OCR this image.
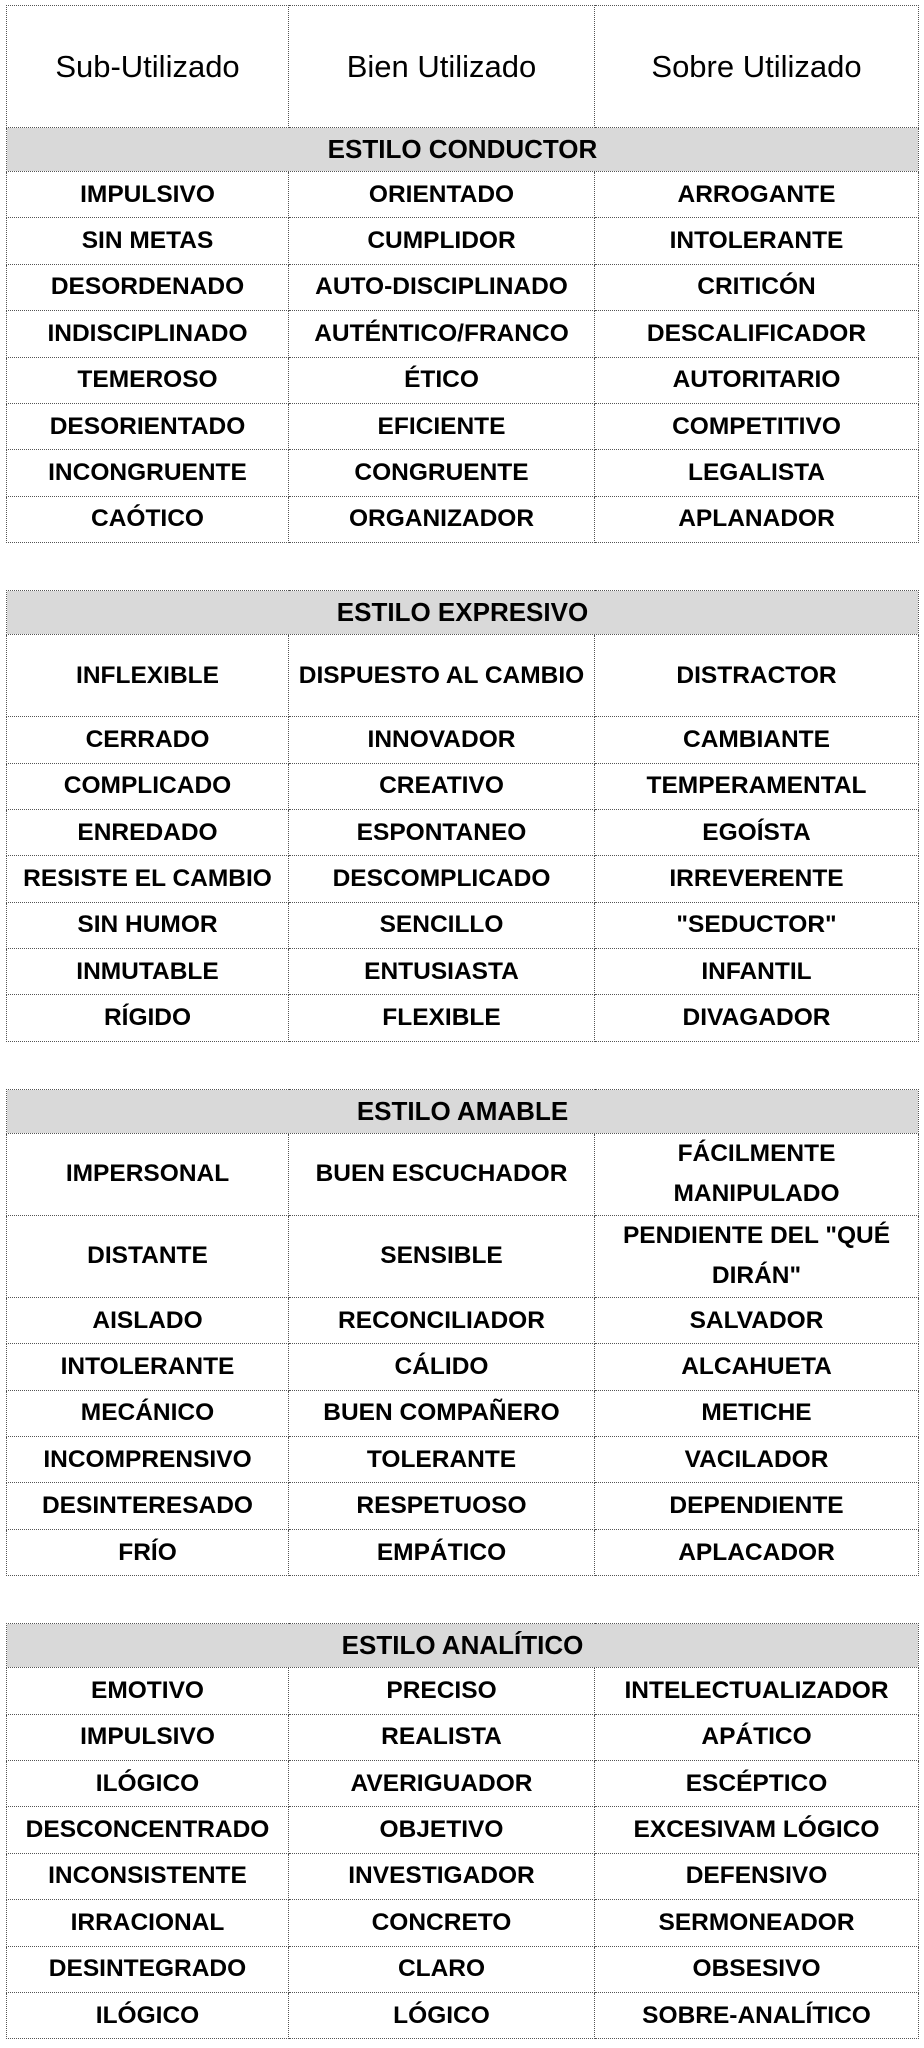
Sub-Utilizado	Bien Utilizado	Sobre Utilizado
ESTILO CONDUCTOR		
IMPULSIVO	ORIENTADO	ARROGANTE
SIN METAS	CUMPLIDOR	INTOLERANTE
DESORDENADO	AUTO-DISCIPLINADO	CRITICÓN
INDISCIPLINADO	AUTÉNTICO/FRANCO	DESCALIFICADOR
TEMEROSO	ÉTICO	AUTORITARIO
DESORIENTADO	EFICIENTE	COMPETITIVO
INCONGRUENTE	CONGRUENTE	LEGALISTA
CAÓTICO	ORGANIZADOR	APLANADOR
ESTILO EXPRESIVO		
INFLEXIBLE	DISPUESTO AL CAMBIO	DISTRACTOR
CERRADO	INNOVADOR	CAMBIANTE
COMPLICADO	CREATIVO	TEMPERAMENTAL
ENREDADO	ESPONTANEO	EGOÍSTA
RESISTE EL CAMBIO	DESCOMPLICADO	IRREVERENTE
SIN HUMOR	SENCILLO	"SEDUCTOR"
INMUTABLE	ENTUSIASTA	INFANTIL
RÍGIDO	FLEXIBLE	DIVAGADOR
ESTILO AMABLE		
IMPERSONAL	BUEN ESCUCHADOR	FÁCILMENTE MANIPULADO
DISTANTE	SENSIBLE	PENDIENTE DEL "QUÉ DIRÁN"
AISLADO	RECONCILIADOR	SALVADOR
INTOLERANTE	CÁLIDO	ALCAHUETA
MECÁNICO	BUEN COMPAÑERO	METICHE
INCOMPRENSIVO	TOLERANTE	VACILADOR
DESINTERESADO	RESPETUOSO	DEPENDIENTE
FRÍO	EMPÁTICO	APLACADOR
ESTILO ANALÍTICO		
EMOTIVO	PRECISO	INTELECTUALIZADOR
IMPULSIVO	REALISTA	APÁTICO
ILÓGICO	AVERIGUADOR	ESCÉPTICO
DESCONCENTRADO	OBJETIVO	EXCESIVAM LÓGICO
INCONSISTENTE	INVESTIGADOR	DEFENSIVO
IRRACIONAL	CONCRETO	SERMONEADOR
DESINTEGRADO	CLARO	OBSESIVO
ILÓGICO	LÓGICO	SOBRE-ANALÍTICO
